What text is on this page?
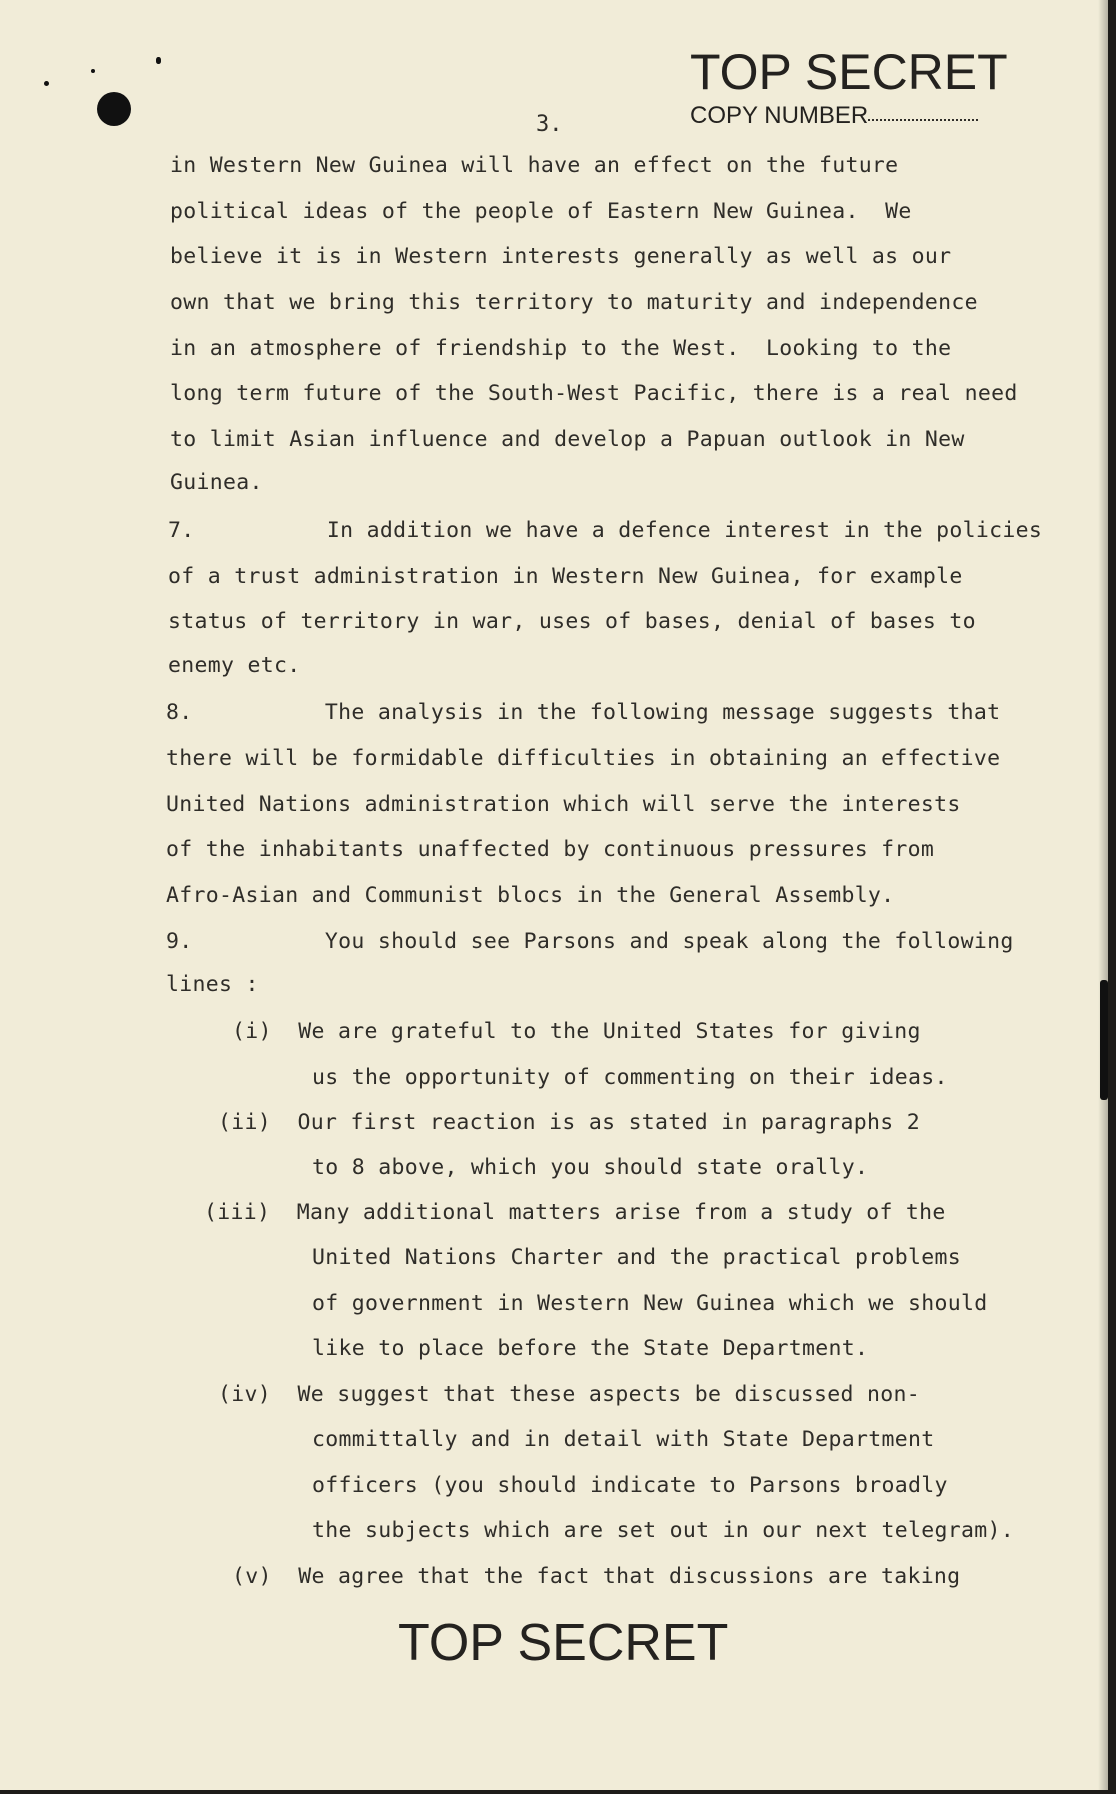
TOP SECRET
COPY NUMBER
3.
in Western New Guinea will have an effect on the future
political ideas of the people of Eastern New Guinea.  We
believe it is in Western interests generally as well as our
own that we bring this territory to maturity and independence
in an atmosphere of friendship to the West.  Looking to the
long term future of the South-West Pacific, there is a real need
to limit Asian influence and develop a Papuan outlook in New
Guinea.
7.          In addition we have a defence interest in the policies
of a trust administration in Western New Guinea, for example
status of territory in war, uses of bases, denial of bases to
enemy etc.
8.          The analysis in the following message suggests that
there will be formidable difficulties in obtaining an effective
United Nations administration which will serve the interests
of the inhabitants unaffected by continuous pressures from
Afro-Asian and Communist blocs in the General Assembly.
9.          You should see Parsons and speak along the following
lines :
(i)  We are grateful to the United States for giving
us the opportunity of commenting on their ideas.
(ii)  Our first reaction is as stated in paragraphs 2
to 8 above, which you should state orally.
(iii)  Many additional matters arise from a study of the
United Nations Charter and the practical problems
of government in Western New Guinea which we should
like to place before the State Department.
(iv)  We suggest that these aspects be discussed non-
committally and in detail with State Department
officers (you should indicate to Parsons broadly
the subjects which are set out in our next telegram).
(v)  We agree that the fact that discussions are taking
TOP SECRET
